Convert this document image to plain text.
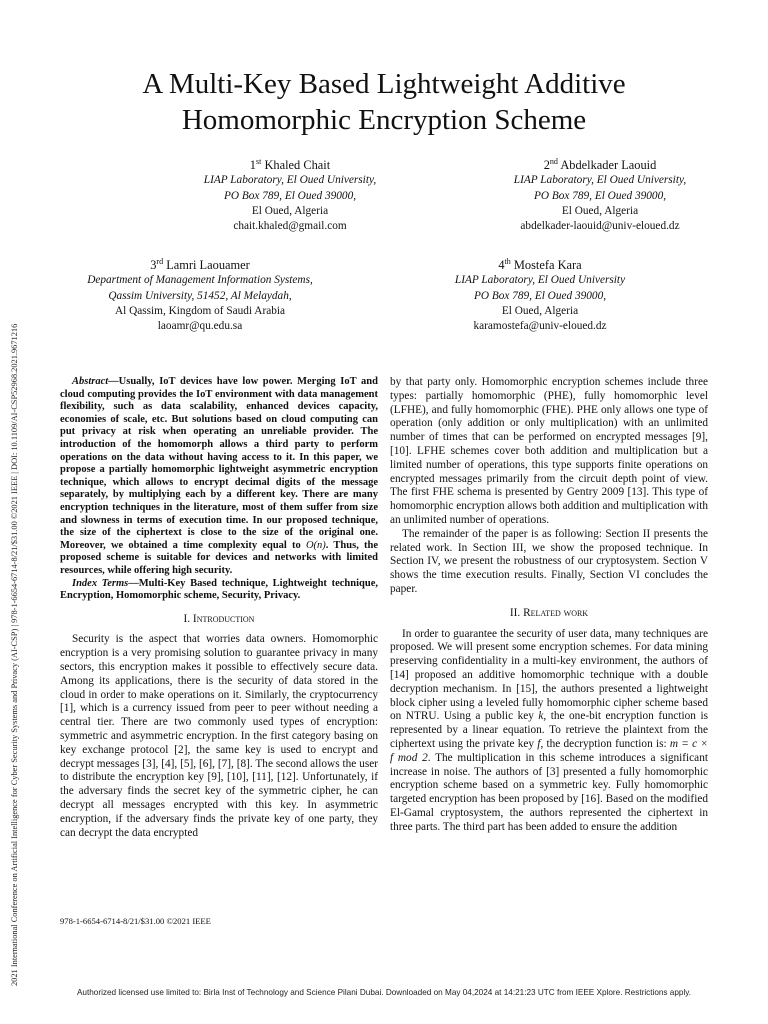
2021 International Conference on Artificial Intelligence for Cyber Security Systems and Privacy (AI-CSP) | 978-1-6654-6714-8/21/$31.00 ©2021 IEEE | DOI: 10.1109/AI-CSP52968.2021.9671216
A Multi-Key Based Lightweight Additive
Homomorphic Encryption Scheme
1st Khaled Chait
LIAP Laboratory, El Oued University,
PO Box 789, El Oued 39000,
El Oued, Algeria
chait.khaled@gmail.com
2nd Abdelkader Laouid
LIAP Laboratory, El Oued University,
PO Box 789, El Oued 39000,
El Oued, Algeria
abdelkader-laouid@univ-eloued.dz
3rd Lamri Laouamer
Department of Management Information Systems,
Qassim University, 51452, Al Melaydah,
Al Qassim, Kingdom of Saudi Arabia
laoamr@qu.edu.sa
4th Mostefa Kara
LIAP Laboratory, El Oued University
PO Box 789, El Oued 39000,
El Oued, Algeria
karamostefa@univ-eloued.dz

Abstract—Usually, IoT devices have low power. Merging IoT and cloud computing provides the IoT environment with data management flexibility, such as data scalability, enhanced devices capacity, economies of scale, etc. But solutions based on cloud computing can put privacy at risk when operating an unreliable provider. The introduction of the homomorph allows a third party to perform operations on the data without having access to it. In this paper, we propose a partially homomorphic lightweight asymmetric encryption technique, which allows to encrypt decimal digits of the message separately, by multiplying each by a different key. There are many encryption techniques in the literature, most of them suffer from size and slowness in terms of execution time. In our proposed technique, the size of the ciphertext is close to the size of the original one. Moreover, we obtained a time complexity equal to O(n). Thus, the proposed scheme is suitable for devices and networks with limited resources, while offering high security.

Index Terms—Multi-Key Based technique, Lightweight technique, Encryption, Homomorphic scheme, Security, Privacy.

I. Introduction

Security is the aspect that worries data owners. Homomorphic encryption is a very promising solution to guarantee privacy in many sectors, this encryption makes it possible to effectively secure data. Among its applications, there is the security of data stored in the cloud in order to make operations on it. Similarly, the cryptocurrency [1], which is a currency issued from peer to peer without needing a central tier. There are two commonly used types of encryption: symmetric and asymmetric encryption. In the first category basing on key exchange protocol [2], the same key is used to encrypt and decrypt messages [3], [4], [5], [6], [7], [8]. The second allows the user to distribute the encryption key [9], [10], [11], [12]. Unfortunately, if the adversary finds the secret key of the symmetric cipher, he can decrypt all messages encrypted with this key. In asymmetric encryption, if the adversary finds the private key of one party, they can decrypt the data encrypted

by that party only. Homomorphic encryption schemes include three types: partially homomorphic (PHE), fully homomorphic level (LFHE), and fully homomorphic (FHE). PHE only allows one type of operation (only addition or only multiplication) with an unlimited number of times that can be performed on encrypted messages [9], [10]. LFHE schemes cover both addition and multiplication but a limited number of operations, this type supports finite operations on encrypted messages primarily from the circuit depth point of view. The first FHE schema is presented by Gentry 2009 [13]. This type of homomorphic encryption allows both addition and multiplication with an unlimited number of operations.

The remainder of the paper is as following: Section II presents the related work. In Section III, we show the proposed technique. In Section IV, we present the robustness of our cryptosystem. Section V shows the time execution results. Finally, Section VI concludes the paper.

II. Related work

In order to guarantee the security of user data, many techniques are proposed. We will present some encryption schemes. For data mining preserving confidentiality in a multi-key environment, the authors of [14] proposed an additive homomorphic technique with a double decryption mechanism. In [15], the authors presented a lightweight block cipher using a leveled fully homomorphic cipher scheme based on NTRU. Using a public key k, the one-bit encryption function is represented by a linear equation. To retrieve the plaintext from the ciphertext using the private key f, the decryption function is: m = c × f mod 2. The multiplication in this scheme introduces a significant increase in noise. The authors of [3] presented a fully homomorphic encryption scheme based on a symmetric key. Fully homomorphic targeted encryption has been proposed by [16]. Based on the modified El-Gamal cryptosystem, the authors represented the ciphertext in three parts. The third part has been added to ensure the addition

978-1-6654-6714-8/21/$31.00 ©2021 IEEE
Authorized licensed use limited to: Birla Inst of Technology and Science Pilani Dubai. Downloaded on May 04,2024 at 14:21:23 UTC from IEEE Xplore. Restrictions apply.
